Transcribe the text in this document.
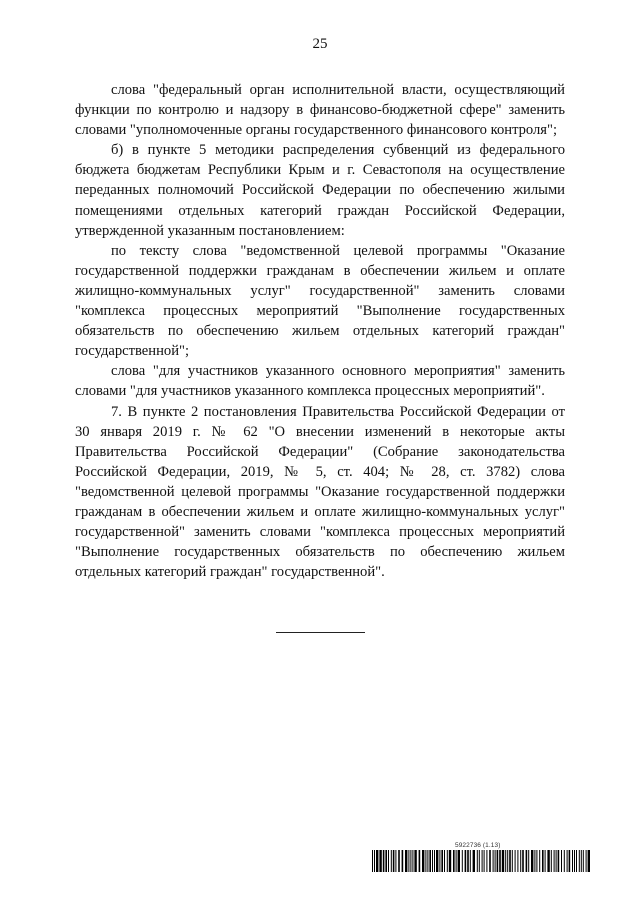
25

слова "федеральный орган исполнительной власти, осуществляющий функции по контролю и надзору в финансово-бюджетной сфере" заменить словами "уполномоченные органы государственного финансового контроля";

б) в пункте 5 методики распределения субвенций из федерального бюджета бюджетам Республики Крым и г. Севастополя на осуществление переданных полномочий Российской Федерации по обеспечению жилыми помещениями отдельных категорий граждан Российской Федерации, утвержденной указанным постановлением:

по тексту слова "ведомственной целевой программы "Оказание государственной поддержки гражданам в обеспечении жильем и оплате жилищно-коммунальных услуг" государственной" заменить словами "комплекса процессных мероприятий "Выполнение государственных обязательств по обеспечению жильем отдельных категорий граждан" государственной";

слова "для участников указанного основного мероприятия" заменить словами "для участников указанного комплекса процессных мероприятий".

7. В пункте 2 постановления Правительства Российской Федерации от 30 января 2019 г. № 62 "О внесении изменений в некоторые акты Правительства Российской Федерации" (Собрание законодательства Российской Федерации, 2019, № 5, ст. 404; № 28, ст. 3782) слова "ведомственной целевой программы "Оказание государственной поддержки гражданам в обеспечении жильем и оплате жилищно-коммунальных услуг" государственной" заменить словами "комплекса процессных мероприятий "Выполнение государственных обязательств по обеспечению жильем отдельных категорий граждан" государственной".

5922736 (1.13)
